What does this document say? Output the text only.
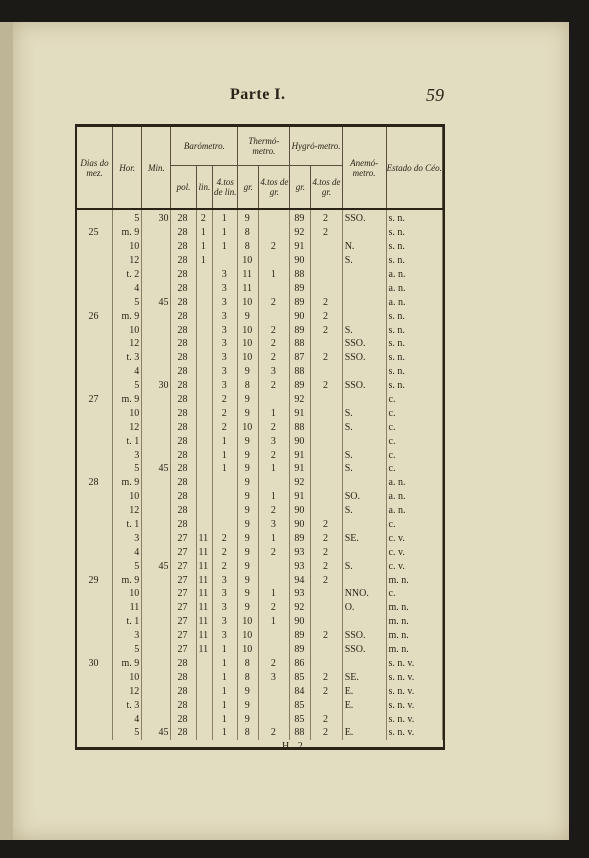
Parte I.	59
Dias do mez.	Hor.	Min.	Barómetro.			Thermó-metro.		Hygró-metro.		Anemó-metro.	Estado do Céo.
			pol.	lin.	4.tos de lin.	gr.	4.tos de gr.	gr.	4.tos de gr.		
	5	30	28	2	1	9		89	2	SSO.	s. n.
25	m. 9		28	1	1	8		92	2		s. n.
	10		28	1	1	8	2	91		N.	s. n.
	12		28	1		10		90		S.	s. n.
	t. 2		28		3	11	1	88			a. n.
	4		28		3	11		89			a. n.
	5	45	28		3	10	2	89	2		a. n.
26	m. 9		28		3	9		90	2		s. n.
	10		28		3	10	2	89	2	S.	s. n.
	12		28		3	10	2	88		SSO.	s. n.
	t. 3		28		3	10	2	87	2	SSO.	s. n.
	4		28		3	9	3	88			s. n.
	5	30	28		3	8	2	89	2	SSO.	s. n.
27	m. 9		28		2	9		92			c.
	10		28		2	9	1	91		S.	c.
	12		28		2	10	2	88		S.	c.
	t. 1		28		1	9	3	90			c.
	3		28		1	9	2	91		S.	c.
	5	45	28		1	9	1	91		S.	c.
28	m. 9		28			9		92			a. n.
	10		28			9	1	91		SO.	a. n.
	12		28			9	2	90		S.	a. n.
	t. 1		28			9	3	90	2		c.
	3		27	11	2	9	1	89	2	SE.	c. v.
	4		27	11	2	9	2	93	2		c. v.
	5	45	27	11	2	9		93	2	S.	c. v.
29	m. 9		27	11	3	9		94	2		m. n.
	10		27	11	3	9	1	93		NNO.	c.
	11		27	11	3	9	2	92		O.	m. n.
	t. 1		27	11	3	10	1	90			m. n.
	3		27	11	3	10		89	2	SSO.	m. n.
	5		27	11	1	10		89		SSO.	m. n.
30	m. 9		28		1	8	2	86			s. n. v.
	10		28		1	8	3	85	2	SE.	s. n. v.
	12		28		1	9		84	2	E.	s. n. v.
	t. 3		28		1	9		85		E.	s. n. v.
	4		28		1	9		85	2		s. n. v.
	5	45	28		1	8	2	88	2	E.	s. n. v.
H 2
